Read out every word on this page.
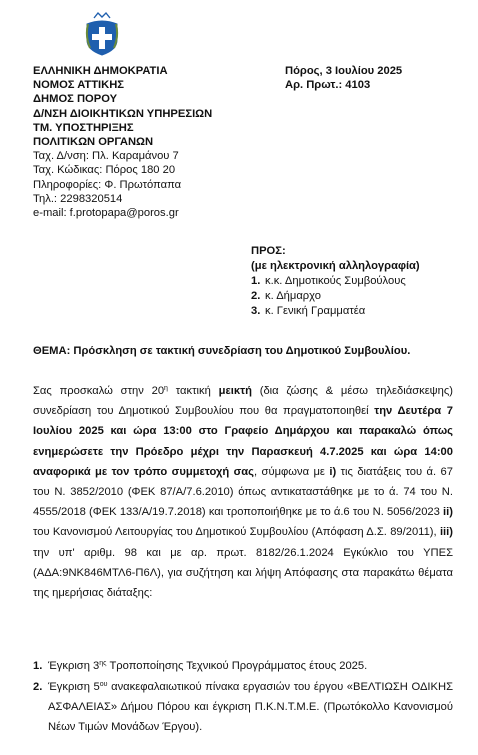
ΕΛΛΗΝΙΚΗ ΔΗΜΟΚΡΑΤΙΑ
ΝΟΜΟΣ ΑΤΤΙΚΗΣ
ΔΗΜΟΣ ΠΟΡΟΥ
Δ/ΝΣΗ ΔΙΟΙΚΗΤΙΚΩΝ ΥΠΗΡΕΣΙΩΝ
ΤΜ. ΥΠΟΣΤΗΡΙΞΗΣ
ΠΟΛΙΤΙΚΩΝ ΟΡΓΑΝΩΝ
Ταχ. Δ/νση: Πλ. Καραμάνου 7
Ταχ. Κώδικας: Πόρος 180 20
Πληροφορίες: Φ. Πρωτόπαπα
Τηλ.: 2298320514
e-mail: f.protopapa@poros.gr
Πόρος, 3 Ιουλίου 2025
Αρ. Πρωτ.: 4103
ΠΡΟΣ:
(με ηλεκτρονική αλληλογραφία)
1. κ.κ. Δημοτικούς Συμβούλους
2. κ. Δήμαρχο
3. κ. Γενική Γραμματέα
ΘΕΜΑ: Πρόσκληση σε τακτική συνεδρίαση του Δημοτικού Συμβουλίου.
Σας προσκαλώ στην $20^\eta$ τακτική μεικτή (δια ζώσης & μέσω τηλεδιάσκεψης) συνεδρίαση του Δημοτικού Συμβουλίου που θα πραγματοποιηθεί την Δευτέρα 7 Ιουλίου 2025 και ώρα 13:00 στο Γραφείο Δημάρχου και παρακαλώ όπως ενημερώσετε την Πρόεδρο μέχρι την Παρασκευή 4.7.2025 και ώρα 14:00 αναφορικά με τον τρόπο συμμετοχή σας, σύμφωνα με i) τις διατάξεις του ά. 67 του Ν. 3852/2010 (ΦΕΚ 87/Α/7.6.2010) όπως αντικαταστάθηκε με το ά. 74 του Ν. 4555/2018 (ΦΕΚ 133/Α/19.7.2018) και τροποποιήθηκε με το ά.6 του Ν. 5056/2023 ii) του Κανονισμού Λειτουργίας του Δημοτικού Συμβουλίου (Απόφαση Δ.Σ. 89/2011), iii) την υπ' αριθμ. 98 και με αρ. πρωτ. 8182/26.1.2024 Εγκύκλιο του ΥΠΕΣ (ΑΔΑ:9ΝΚ846ΜΤΛ6-Π6Λ), για συζήτηση και λήψη Απόφασης στα παρακάτω θέματα της ημερήσιας διάταξης:
1. Έγκριση $3^{\eta\varsigma}$ Τροποποίησης Τεχνικού Προγράμματος έτους 2025.
2. Έγκριση $5^{o\upsilon}$ ανακεφαλαιωτικού πίνακα εργασιών του έργου «ΒΕΛΤΙΩΣΗ ΟΔΙΚΗΣ ΑΣΦΑΛΕΙΑΣ» Δήμου Πόρου και έγκριση Π.Κ.Ν.Τ.Μ.Ε. (Πρωτόκολλο Κανονισμού Νέων Τιμών Μονάδων Έργου).
